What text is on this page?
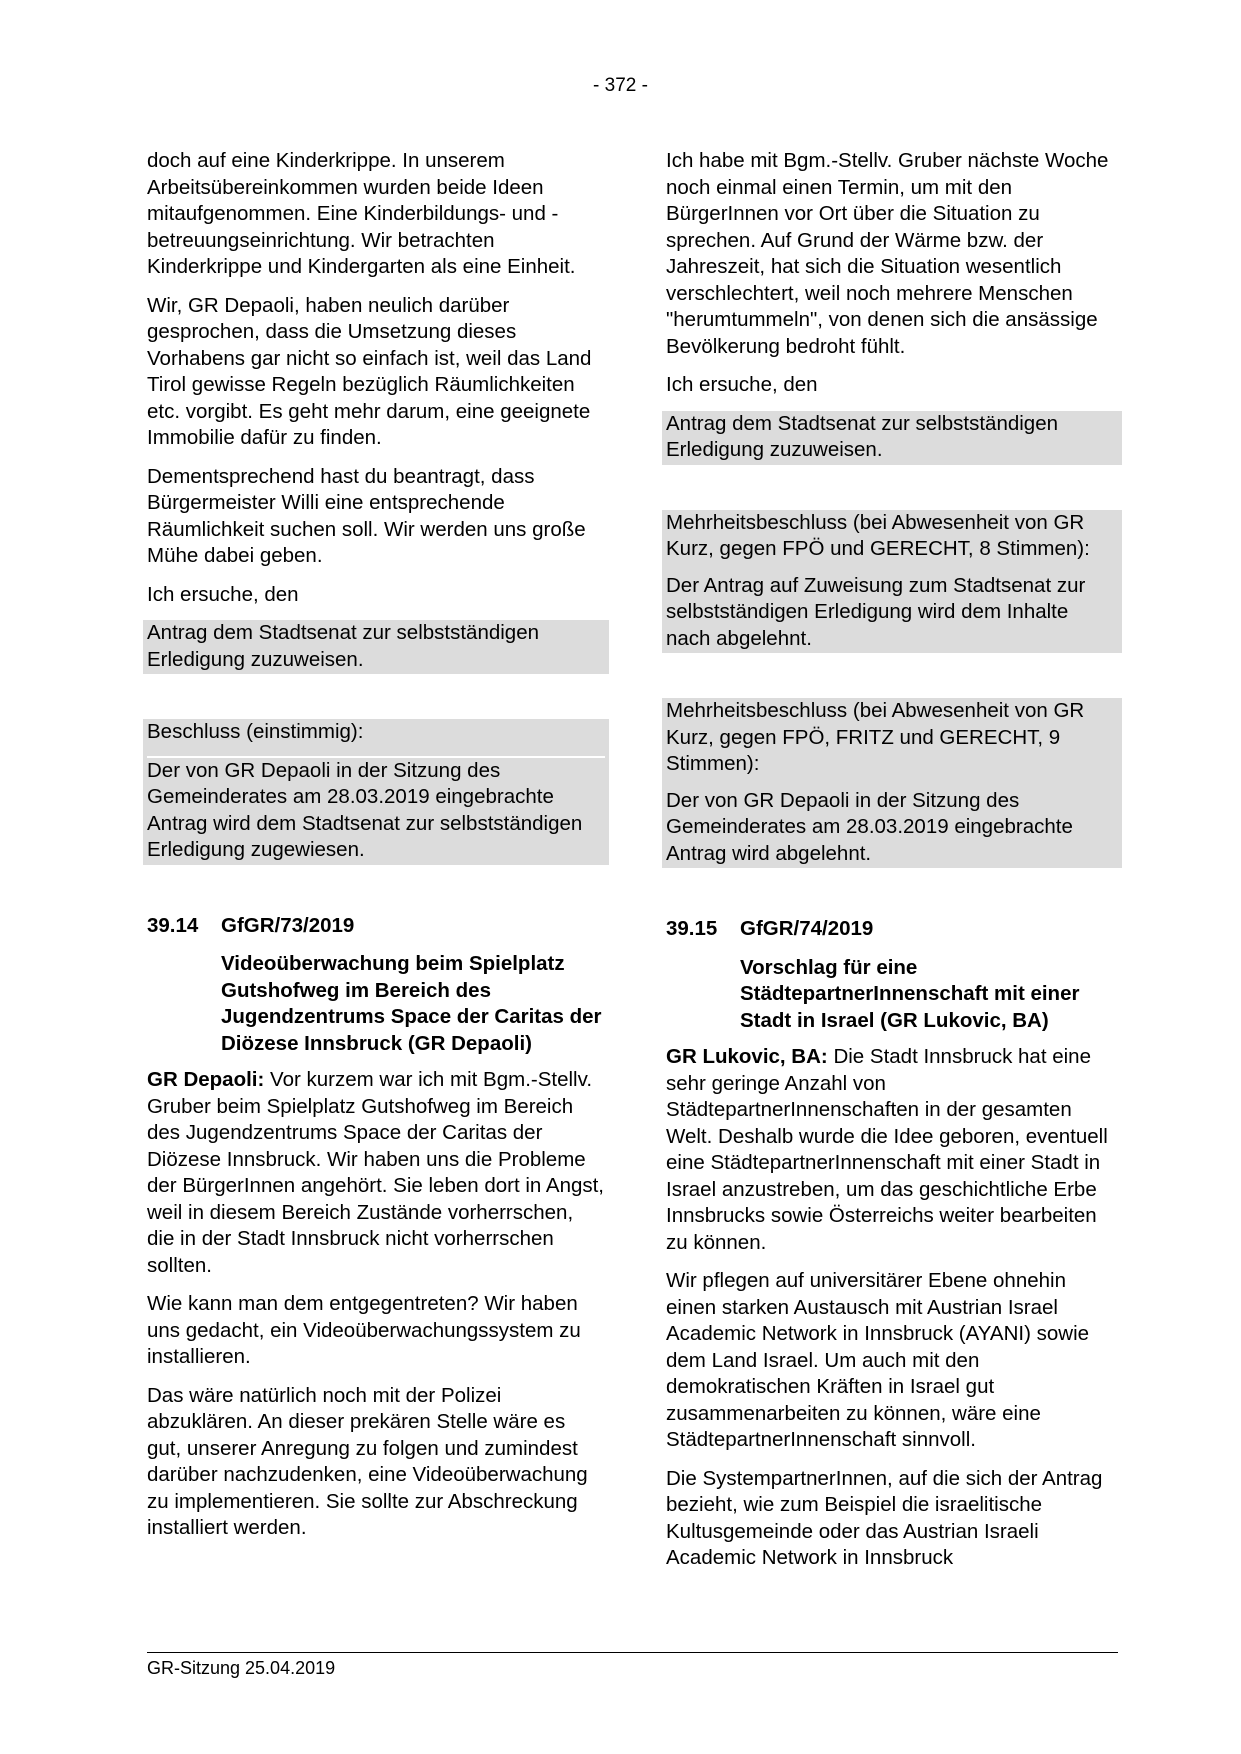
- 372 -

doch auf eine Kinderkrippe. In unserem Arbeitsübereinkommen wurden beide Ideen mitaufgenommen. Eine Kinderbildungs- und -betreuungseinrichtung. Wir betrachten Kinderkrippe und Kindergarten als eine Einheit.

Wir, GR Depaoli, haben neulich darüber gesprochen, dass die Umsetzung dieses Vorhabens gar nicht so einfach ist, weil das Land Tirol gewisse Regeln bezüglich Räumlichkeiten etc. vorgibt. Es geht mehr darum, eine geeignete Immobilie dafür zu finden.

Dementsprechend hast du beantragt, dass Bürgermeister Willi eine entsprechende Räumlichkeit suchen soll. Wir werden uns große Mühe dabei geben.

Ich ersuche, den

Antrag dem Stadtsenat zur selbstständigen Erledigung zuzuweisen.

Beschluss (einstimmig):

Der von GR Depaoli in der Sitzung des Gemeinderates am 28.03.2019 eingebrachte Antrag wird dem Stadtsenat zur selbstständigen Erledigung zugewiesen.

39.14	GfGR/73/2019
Videoüberwachung beim Spielplatz Gutshofweg im Bereich des Jugendzentrums Space der Caritas der Diözese Innsbruck (GR Depaoli)

GR Depaoli: Vor kurzem war ich mit Bgm.-Stellv. Gruber beim Spielplatz Gutshofweg im Bereich des Jugendzentrums Space der Caritas der Diözese Innsbruck. Wir haben uns die Probleme der BürgerInnen angehört. Sie leben dort in Angst, weil in diesem Bereich Zustände vorherrschen, die in der Stadt Innsbruck nicht vorherrschen sollten.

Wie kann man dem entgegentreten? Wir haben uns gedacht, ein Videoüberwachungssystem zu installieren.

Das wäre natürlich noch mit der Polizei abzuklären. An dieser prekären Stelle wäre es gut, unserer Anregung zu folgen und zumindest darüber nachzudenken, eine Videoüberwachung zu implementieren. Sie sollte zur Abschreckung installiert werden.

Ich habe mit Bgm.-Stellv. Gruber nächste Woche noch einmal einen Termin, um mit den BürgerInnen vor Ort über die Situation zu sprechen. Auf Grund der Wärme bzw. der Jahreszeit, hat sich die Situation wesentlich verschlechtert, weil noch mehrere Menschen "herumtummeln", von denen sich die ansässige Bevölkerung bedroht fühlt.

Ich ersuche, den

Antrag dem Stadtsenat zur selbstständigen Erledigung zuzuweisen.

Mehrheitsbeschluss (bei Abwesenheit von GR Kurz, gegen FPÖ und GERECHT, 8 Stimmen):

Der Antrag auf Zuweisung zum Stadtsenat zur selbstständigen Erledigung wird dem Inhalte nach abgelehnt.

Mehrheitsbeschluss (bei Abwesenheit von GR Kurz, gegen FPÖ, FRITZ und GERECHT, 9 Stimmen):

Der von GR Depaoli in der Sitzung des Gemeinderates am 28.03.2019 eingebrachte Antrag wird abgelehnt.

39.15	GfGR/74/2019
Vorschlag für eine StädtepartnerInnenschaft mit einer Stadt in Israel (GR Lukovic, BA)

GR Lukovic, BA: Die Stadt Innsbruck hat eine sehr geringe Anzahl von StädtepartnerInnenschaften in der gesamten Welt. Deshalb wurde die Idee geboren, eventuell eine StädtepartnerInnenschaft mit einer Stadt in Israel anzustreben, um das geschichtliche Erbe Innsbrucks sowie Österreichs weiter bearbeiten zu können.

Wir pflegen auf universitärer Ebene ohnehin einen starken Austausch mit Austrian Israel Academic Network in Innsbruck (AYANI) sowie dem Land Israel. Um auch mit den demokratischen Kräften in Israel gut zusammenarbeiten zu können, wäre eine StädtepartnerInnenschaft sinnvoll.

Die SystempartnerInnen, auf die sich der Antrag bezieht, wie zum Beispiel die israelitische Kultusgemeinde oder das Austrian Israeli Academic Network in Innsbruck

GR-Sitzung 25.04.2019
